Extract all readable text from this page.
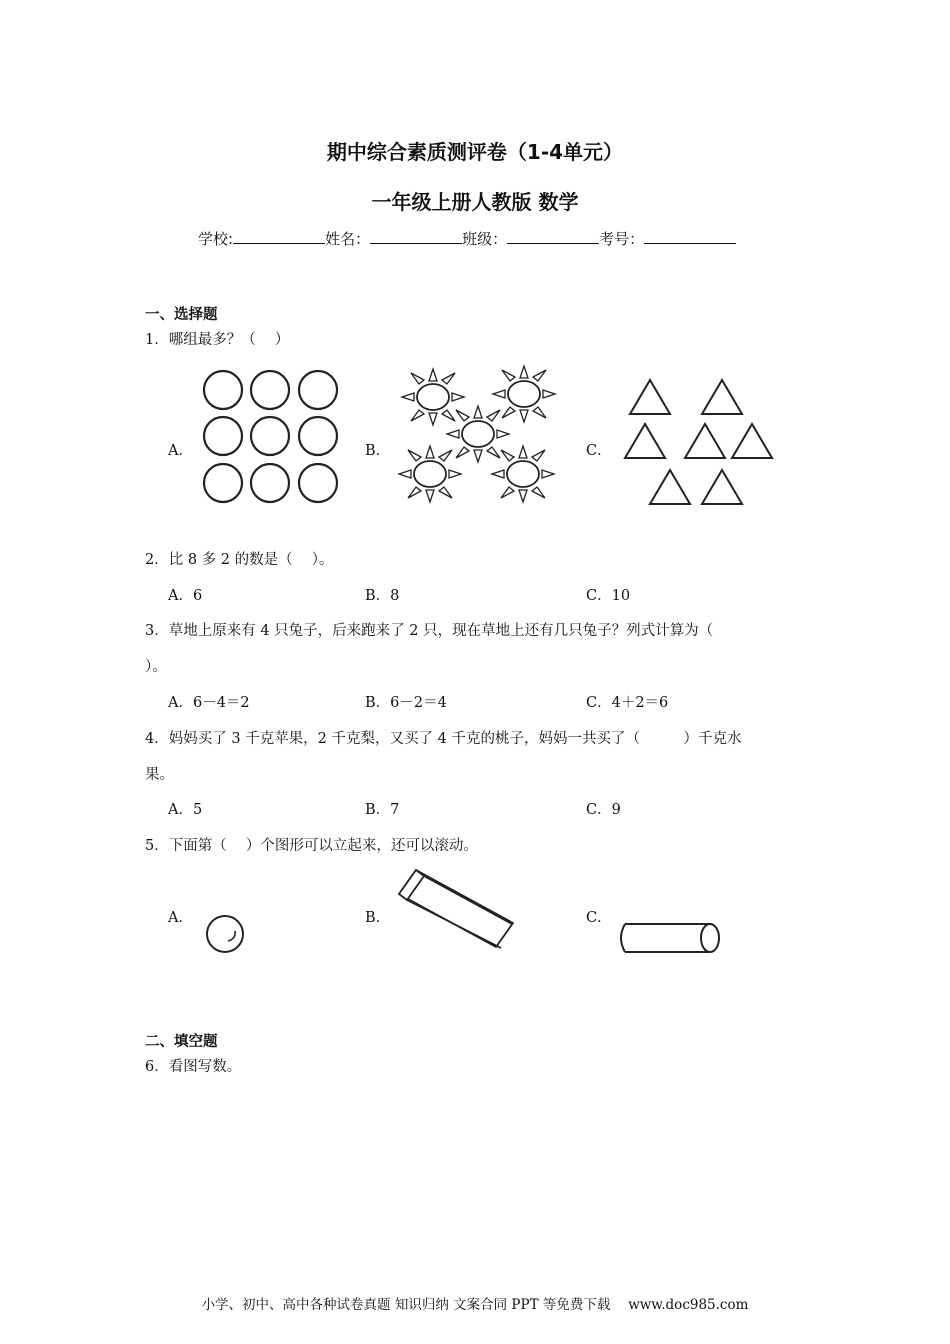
期中综合素质测评卷（1-4单元）
一年级上册人教版 数学
学校:	姓名：	班级：	考号：
一、选择题
1．哪组最多？（　 ）
A．	B．	C．
2．比 8 多 2 的数是（　 ）。
A．6	B．8	C．10
3．草地上原来有 4 只兔子，后来跑来了 2 只，现在草地上还有几只兔子？列式计算为（
）。
A．6－4＝2	B．6－2＝4	C．4＋2＝6
4．妈妈买了 3 千克苹果，2 千克梨，又买了 4 千克的桃子，妈妈一共买了（　　　）千克水
果。
A．5	B．7	C．9
5．下面第（　 ）个图形可以立起来，还可以滚动。
A．	B．	C．
二、填空题
6．看图写数。
小学、初中、高中各种试卷真题 知识归纳 文案合同 PPT 等免费下载　 www.doc985.com
